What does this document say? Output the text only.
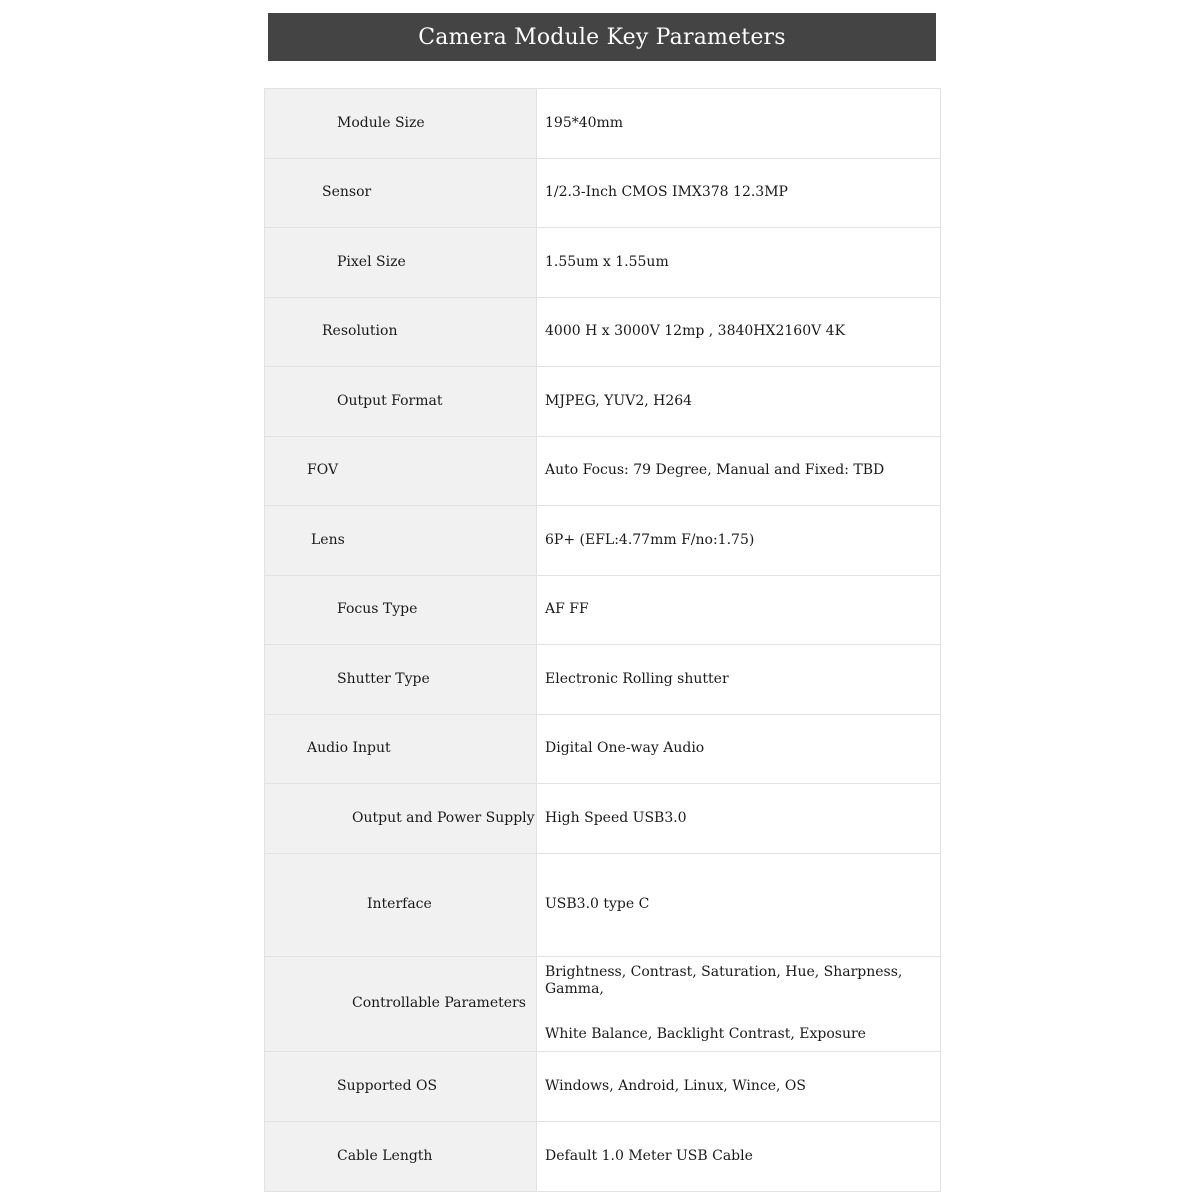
Camera Module Key Parameters
Module Size	195*40mm
Sensor	1/2.3-Inch CMOS IMX378 12.3MP
Pixel Size	1.55um x 1.55um
Resolution	4000 H x 3000V 12mp , 3840HX2160V 4K
Output Format	MJPEG, YUV2, H264
FOV	Auto Focus: 79 Degree, Manual and Fixed: TBD
Lens	6P+ (EFL:4.77mm F/no:1.75)
Focus Type	AF FF
Shutter Type	Electronic Rolling shutter
Audio Input	Digital One-way Audio
Output and Power Supply	High Speed USB3.0
Interface	USB3.0 type C
Controllable Parameters	Brightness, Contrast, Saturation, Hue, Sharpness, Gamma,
White Balance, Backlight Contrast, Exposure

Supported OS	Windows, Android, Linux, Wince, OS
Cable Length	Default 1.0 Meter USB Cable
